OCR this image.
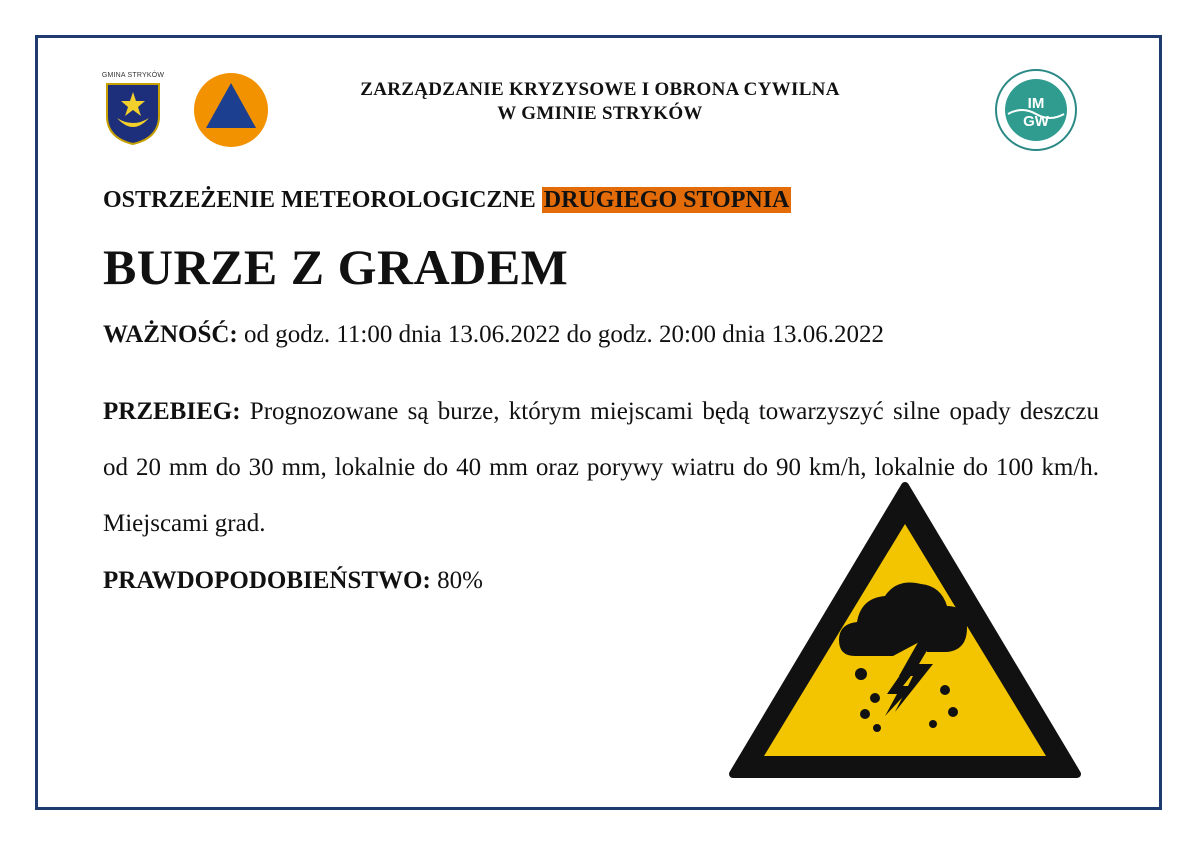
GMINA STRYKÓW
ZARZĄDZANIE KRYZYSOWE I OBRONA CYWILNA
W GMINIE STRYKÓW	IM
GW
OSTRZEŻENIE METEOROLOGICZNE DRUGIEGO STOPNIA
BURZE Z GRADEM
WAŻNOŚĆ: od godz. 11:00 dnia 13.06.2022 do godz. 20:00 dnia 13.06.2022
PRZEBIEG: Prognozowane są burze, którym miejscami będą towarzyszyć silne opady deszczu od 20 mm do 30 mm, lokalnie do 40 mm oraz porywy wiatru do 90 km/h, lokalnie do 100 km/h. Miejscami grad.
PRAWDOPODOBIEŃSTWO: 80%
